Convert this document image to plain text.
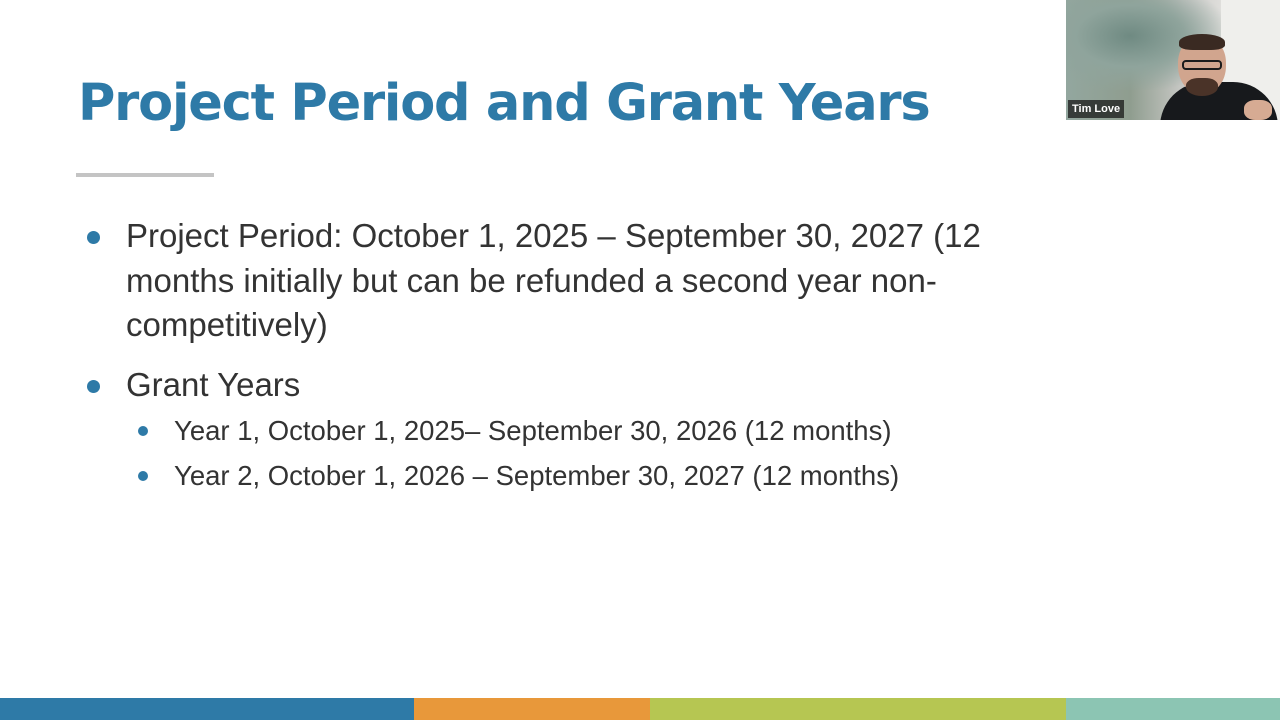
Project Period and Grant Years
Project Period: October 1, 2025 – September 30, 2027 (12 months initially but can be refunded a second year non-competitively)
Grant Years
Year 1, October 1, 2025– September 30, 2026 (12 months)
Year 2, October 1, 2026 – September 30, 2027 (12 months)
Tim Love
